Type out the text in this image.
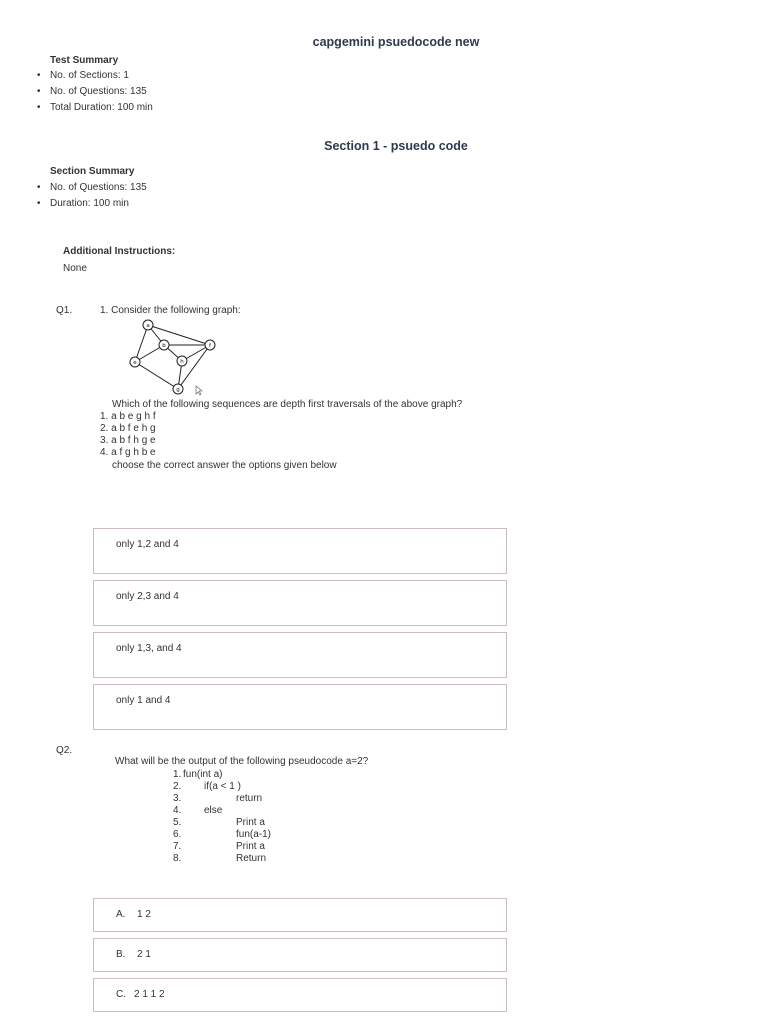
capgemini psuedocode new
Test Summary
• No. of Sections: 1
• No. of Questions: 135
• Total Duration: 100 min
Section 1 - psuedo code
Section Summary
• No. of Questions: 135
• Duration: 100 min
Additional Instructions:
None
Q1.	1. Consider the following graph:
a
b
e	h
f
g
Which of the following sequences are depth first traversals of the above graph?
1. a b e g h f
2. a b f e h g
3. a b f h g e
4. a f g h b e
choose the correct answer the options given below
only 1,2 and 4
only 2,3 and 4
only 1,3, and 4
only 1 and 4
Q2.
What will be the output of the following pseudocode a=2?
1. fun(int a)
2. if(a < 1 )
3.	return
4. else
5.	Print a
6.	fun(a-1)
7.	Print a
8.	Return
A. 1 2
B. 2 1
C. 2 1 1 2
